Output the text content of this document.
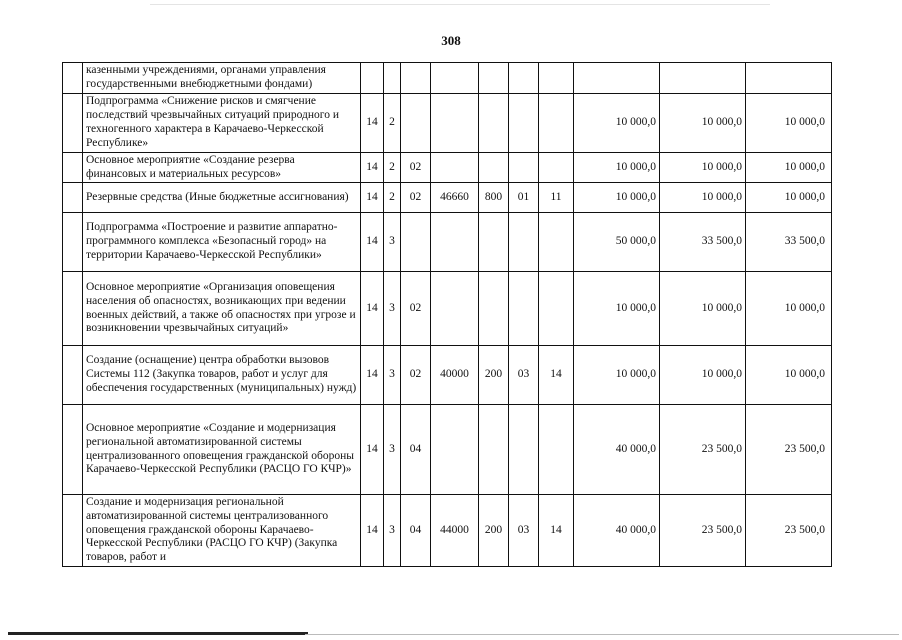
308
	казенными учреждениями, органами управления государственными внебюджетными фондами)										
	Подпрограмма «Снижение рисков и смягчение последствий чрезвычайных ситуаций природного и техногенного характера в Карачаево-Черкесской Республике»	14	2						10 000,0	10 000,0	10 000,0
	Основное мероприятие «Создание резерва финансовых и материальных ресурсов»	14	2	02					10 000,0	10 000,0	10 000,0
	Резервные средства (Иные бюджетные ассигнования)	14	2	02	46660	800	01	11	10 000,0	10 000,0	10 000,0
	Подпрограмма «Построение и развитие аппаратно-программного комплекса «Безопасный город» на территории Карачаево-Черкесской Республики»	14	3						50 000,0	33 500,0	33 500,0
	Основное мероприятие «Организация оповещения населения об опасностях, возникающих при ведении военных действий, а также об опасностях при угрозе и возникновении чрезвычайных ситуаций»	14	3	02					10 000,0	10 000,0	10 000,0
	Создание (оснащение) центра обработки вызовов Системы 112 (Закупка товаров, работ и услуг для обеспечения государственных (муниципальных) нужд)	14	3	02	40000	200	03	14	10 000,0	10 000,0	10 000,0
	Основное мероприятие «Создание и модернизация региональной автоматизированной системы централизованного оповещения гражданской обороны Карачаево-Черкесской Республики (РАСЦО ГО КЧР)»	14	3	04					40 000,0	23 500,0	23 500,0
	Создание и модернизация региональной автоматизированной системы централизованного оповещения гражданской обороны Карачаево-Черкесской Республики (РАСЦО ГО КЧР) (Закупка товаров, работ и	14	3	04	44000	200	03	14	40 000,0	23 500,0	23 500,0
